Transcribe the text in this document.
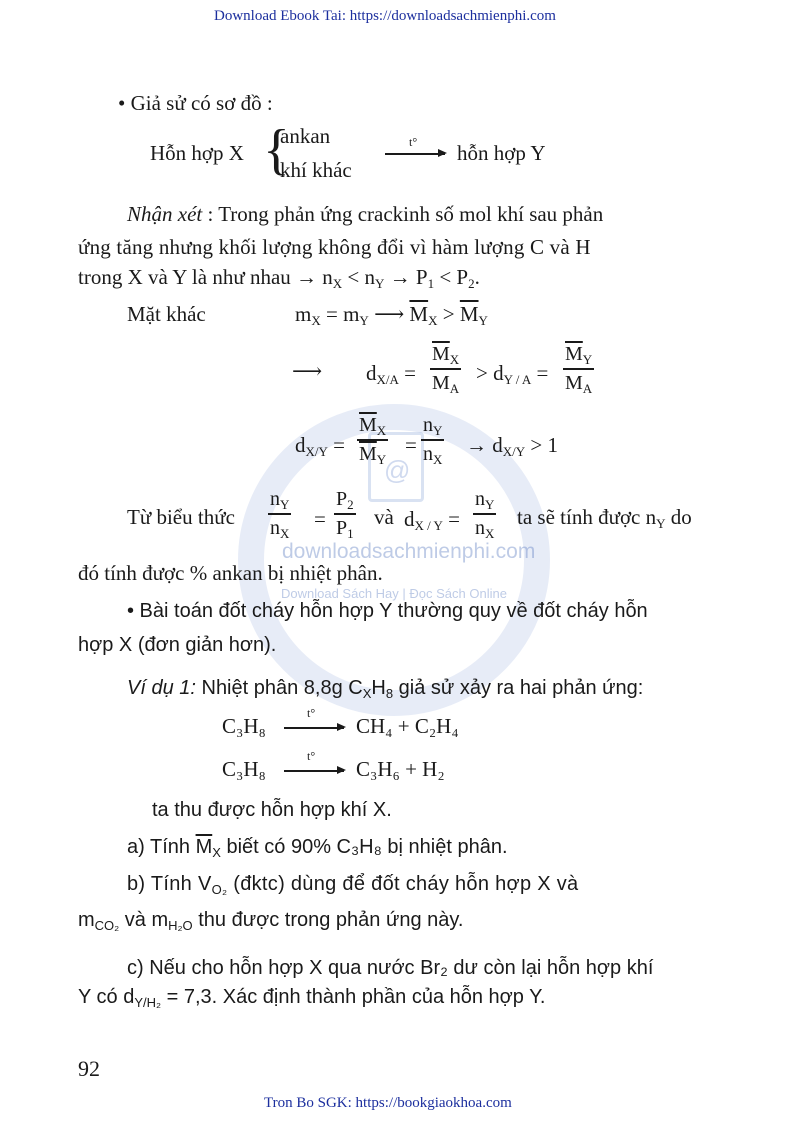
Download Ebook Tai: https://downloadsachmienphi.com
92
Tron Bo SGK: https://bookgiaokhoa.com
@
downloadsachmienphi.com
Download Sách Hay | Đọc Sách Online
• Giả sử có sơ đồ :
Hỗn hợp X {
ankan
khí khác
t° hỗn hợp Y
Nhận xét : Trong phản ứng crackinh số mol khí sau phản
ứng tăng nhưng khối lượng không đổi vì hàm lượng C và H
trong X và Y là như nhau → $n_X < n_Y \to P_1 < P_2$.
Mặt khác	$m_X = m_Y$ ⟶ $\overline{M}_X > \overline{M}_Y$
⟶ $d_{X/A}$ =
$\overline{M}_X$
$M_A$
> $d_{Y / A}$ =
$\overline{M}_Y$
$M_A$
$d_{X/Y}$ =
$\overline{M}_X$
$\overline{M}_Y$
=
$n_Y$
$n_X$
→ $d_{X/Y} > 1$
Từ biểu thức
$n_Y$
$n_X$
=
$P_2$
$P_1$
và $d_{X / Y}$ =
$n_Y$
$n_X$
ta sẽ tính được $n_Y$ do
đó tính được % ankan bị nhiệt phân.
• Bài toán đốt cháy hỗn hợp Y thường quy về đốt cháy hỗn
hợp X (đơn giản hơn).
Ví dụ 1: Nhiệt phân 8,8g $C_XH_8$ giả sử xảy ra hai phản ứng:
C₃H₈
t°
→ CH₄ + C₂H₄
C₃H₈
t°
→ C₃H₆ + H₂
ta thu được hỗn hợp khí X.
a) Tính $\overline{M}_X$ biết có 90% C₃H₈ bị nhiệt phân.
b) Tính $V_{O_2}$ (đktc) dùng để đốt cháy hỗn hợp X và
$m_{CO_2}$ và $m_{H_2O}$ thu được trong phản ứng này.
c) Nếu cho hỗn hợp X qua nước Br₂ dư còn lại hỗn hợp khí
Y có $d_{Y/H_2} = 7,3$. Xác định thành phần của hỗn hợp Y.
